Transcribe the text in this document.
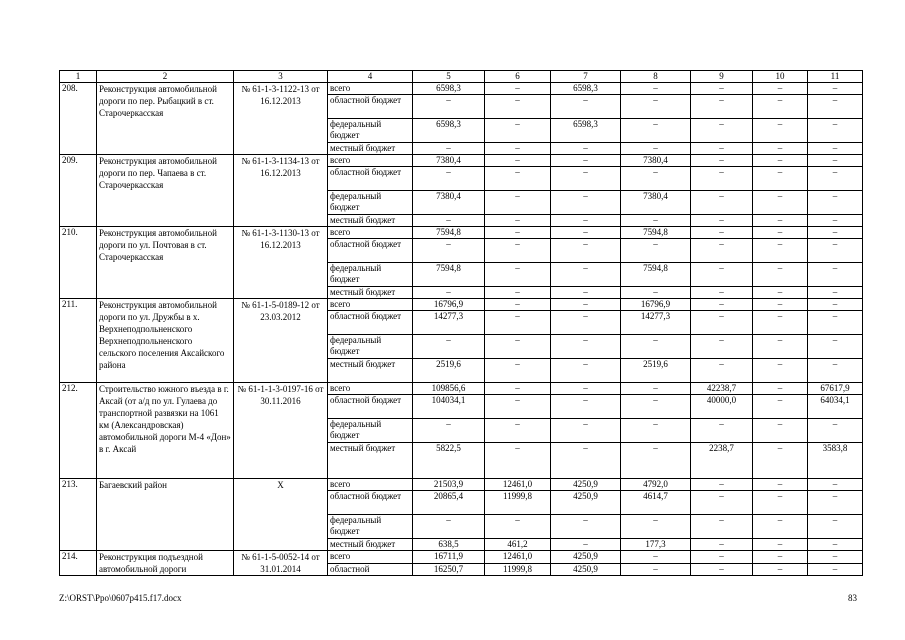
1	2	3	4	5	6	7	8	9	10	11
208.	Реконструкция автомобильной дороги по пер. Рыбацкий в ст. Старочеркасская	№ 61-1-3-1122-13 от 16.12.2013	всего	6598,3	–	6598,3	–	–	–	–
			областной бюджет	–	–	–	–	–	–	–
			федеральный бюджет	6598,3	–	6598,3	–	–	–	–
			местный бюджет	–	–	–	–	–	–	–
209.	Реконструкция автомобильной дороги по пер. Чапаева в ст. Старочеркасская	№ 61-1-3-1134-13 от 16.12.2013	всего	7380,4	–	–	7380,4	–	–	–
			областной бюджет	–	–	–	–	–	–	–
			федеральный бюджет	7380,4	–	–	7380,4	–	–	–
			местный бюджет	–	–	–	–	–	–	–
210.	Реконструкция автомобильной дороги по ул. Почтовая в ст. Старочеркасская	№ 61-1-3-1130-13 от 16.12.2013	всего	7594,8	–	–	7594,8	–	–	–
			областной бюджет	–	–	–	–	–	–	–
			федеральный бюджет	7594,8	–	–	7594,8	–	–	–
			местный бюджет	–	–	–	–	–	–	–
211.	Реконструкция автомобильной дороги по ул. Дружбы в х. Верхнеподпольненского Верхнеподпольненского сельского поселения Аксайского района	№ 61-1-5-0189-12 от 23.03.2012	всего	16796,9	–	–	16796,9	–	–	–
			областной бюджет	14277,3	–	–	14277,3	–	–	–
			федеральный бюджет	–	–	–	–	–	–	–
			местный бюджет	2519,6	–	–	2519,6	–	–	–
212.	Строительство южного въезда в г. Аксай (от а/д по ул. Гулаева до транспортной развязки на 1061 км (Александровская) автомобильной дороги М-4 «Дон» в г. Аксай	№ 61-1-1-3-0197-16 от 30.11.2016	всего	109856,6	–	–	–	42238,7	–	67617,9
			областной бюджет	104034,1	–	–	–	40000,0	–	64034,1
			федеральный бюджет	–	–	–	–	–	–	–
			местный бюджет	5822,5	–	–	–	2238,7	–	3583,8
213.	Багаевский район	X	всего	21503,9	12461,0	4250,9	4792,0	–	–	–
			областной бюджет	20865,4	11999,8	4250,9	4614,7	–	–	–
			федеральный бюджет	–	–	–	–	–	–	–
			местный бюджет	638,5	461,2	–	177,3	–	–	–
214.	Реконструкция подъездной автомобильной дороги	№ 61-1-5-0052-14 от 31.01.2014	всего	16711,9	12461,0	4250,9	–	–	–	–
			областной	16250,7	11999,8	4250,9	–	–	–	–
Z:\ORST\Ppo\0607p415.f17.docx	83
